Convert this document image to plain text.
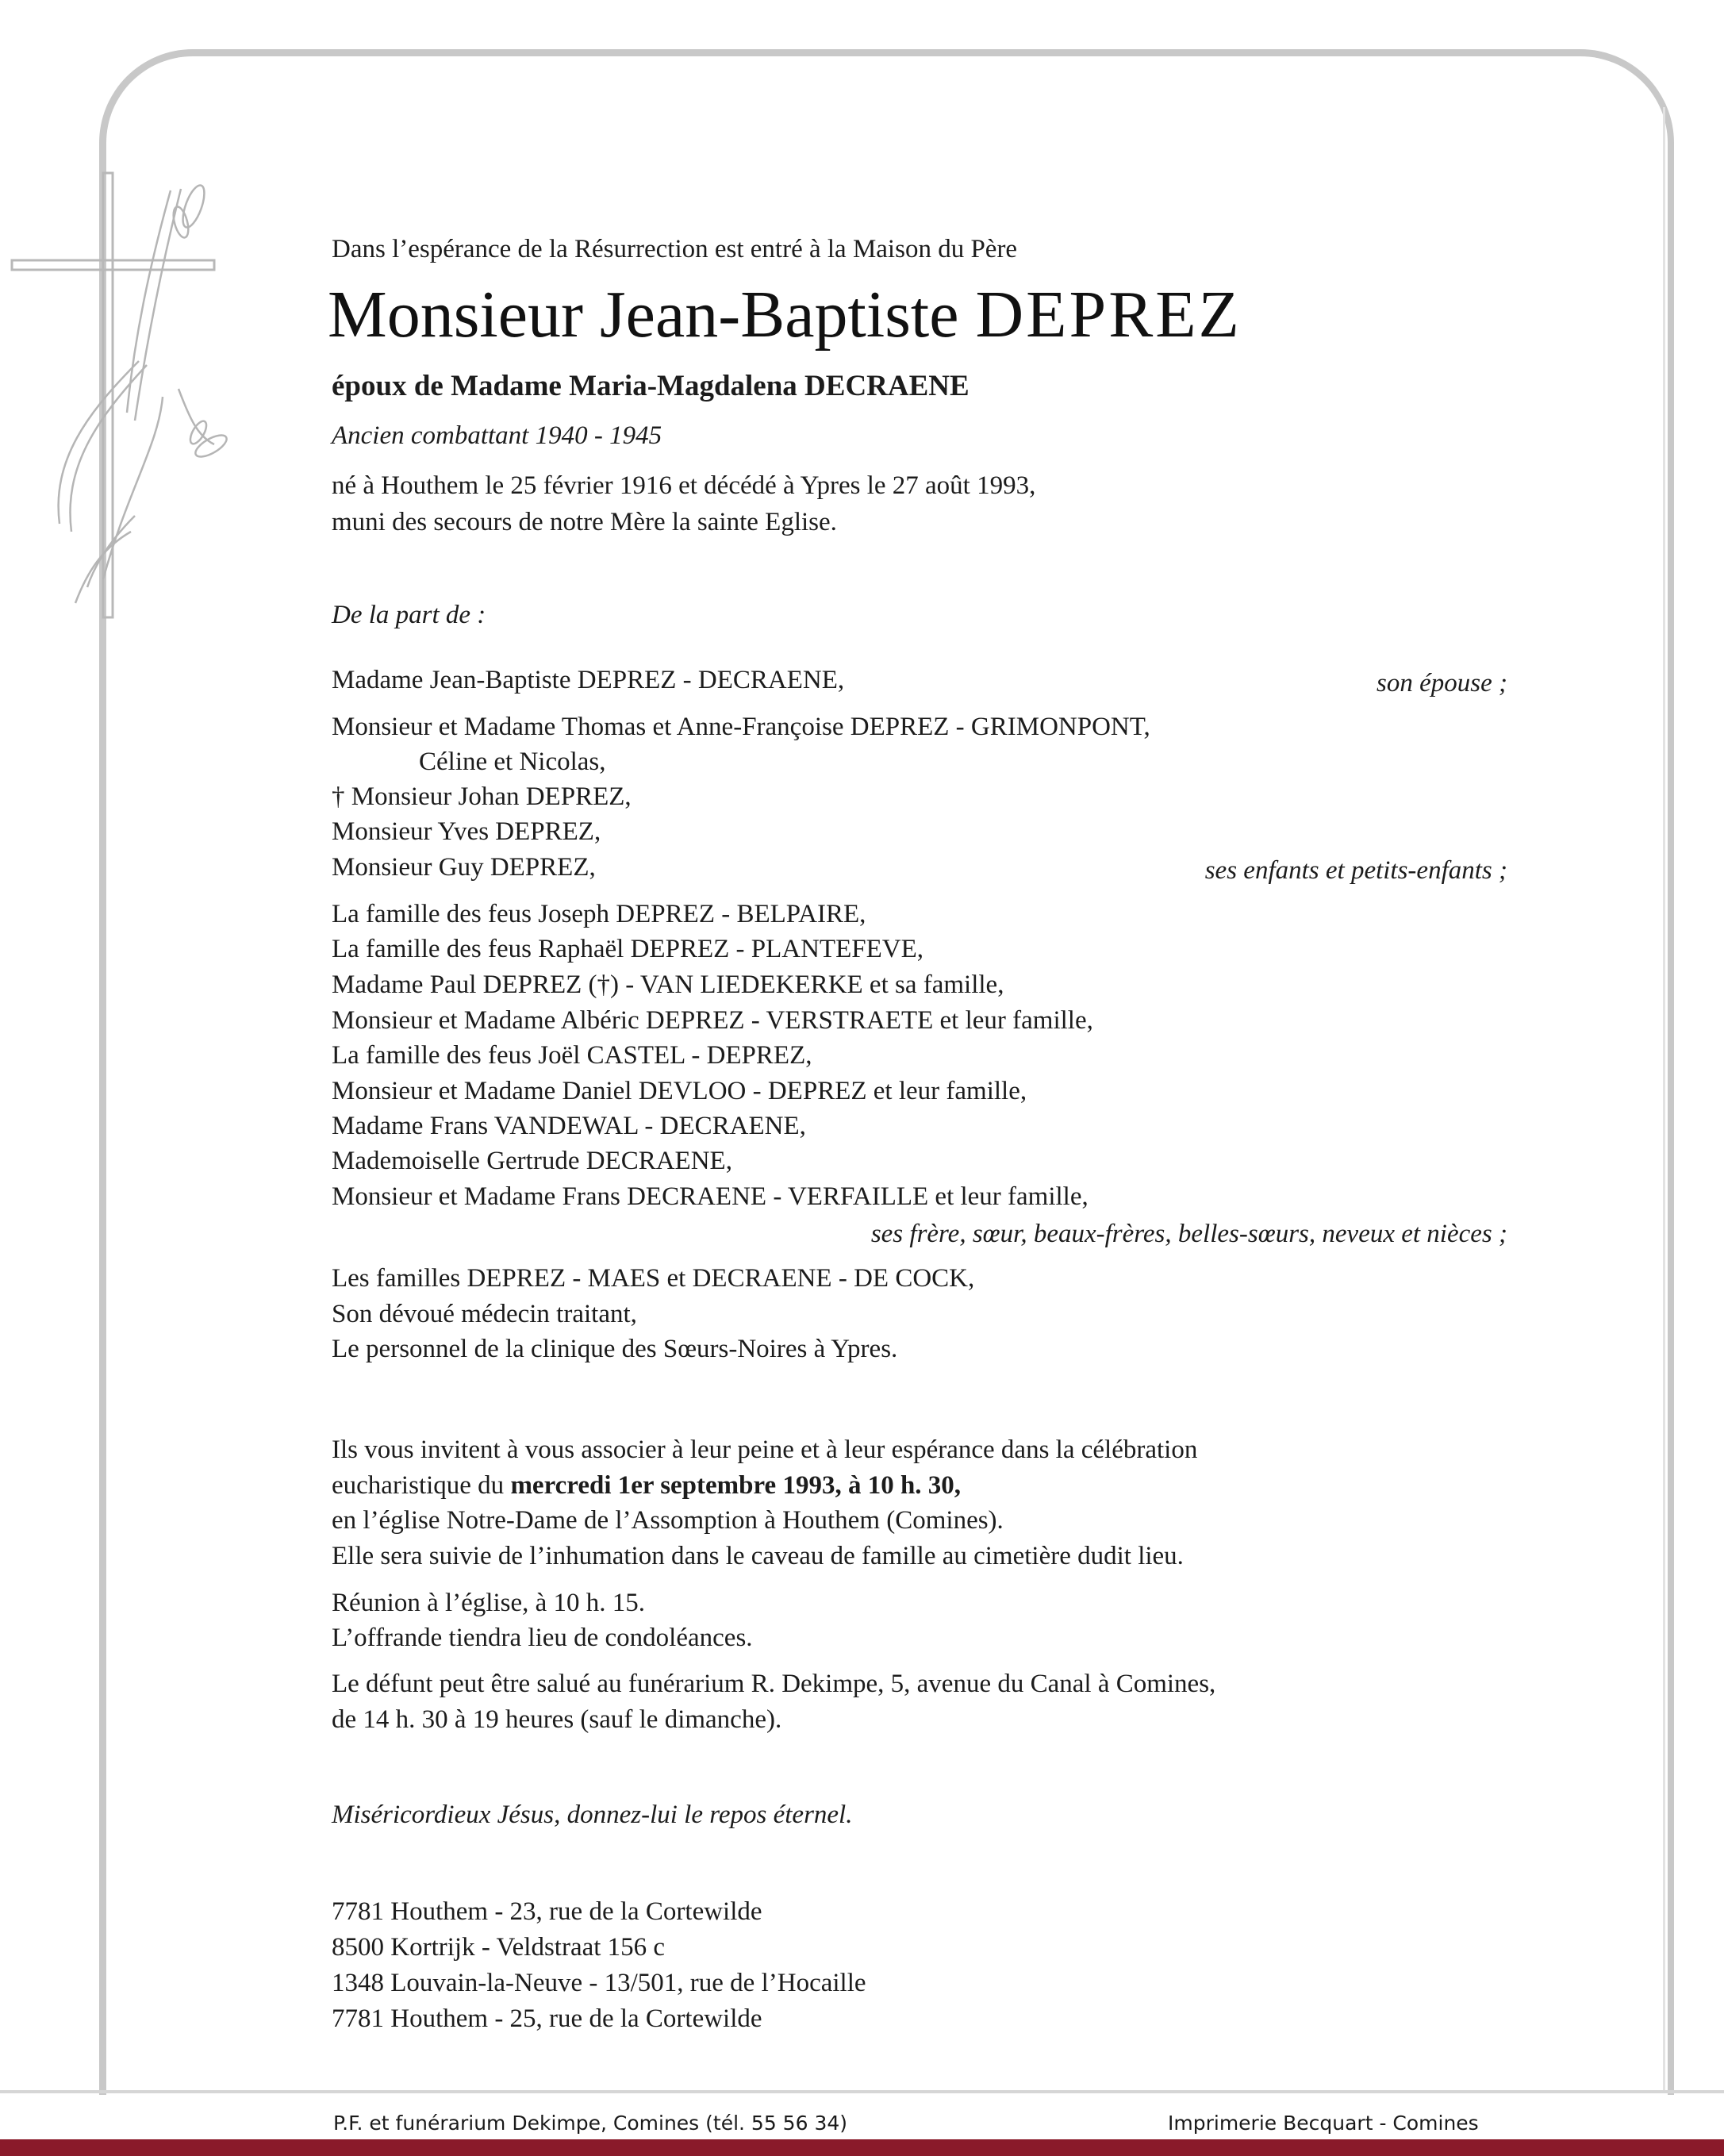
Dans l’espérance de la Résurrection est entré à la Maison du Père
Monsieur Jean-Baptiste DEPREZ
époux de Madame Maria-Magdalena DECRAENE
Ancien combattant 1940 - 1945
né à Houthem le 25 février 1916 et décédé à Ypres le 27 août 1993,
muni des secours de notre Mère la sainte Eglise.
De la part de :
Madame Jean-Baptiste DEPREZ - DECRAENE,	son épouse ;
Monsieur et Madame Thomas et Anne-Françoise DEPREZ - GRIMONPONT,
Céline et Nicolas,
† Monsieur Johan DEPREZ,
Monsieur Yves DEPREZ,
Monsieur Guy DEPREZ,	ses enfants et petits-enfants ;
La famille des feus Joseph DEPREZ - BELPAIRE,
La famille des feus Raphaël DEPREZ - PLANTEFEVE,
Madame Paul DEPREZ (†) - VAN LIEDEKERKE et sa famille,
Monsieur et Madame Albéric DEPREZ - VERSTRAETE et leur famille,
La famille des feus Joël CASTEL - DEPREZ,
Monsieur et Madame Daniel DEVLOO - DEPREZ et leur famille,
Madame Frans VANDEWAL - DECRAENE,
Mademoiselle Gertrude DECRAENE,
Monsieur et Madame Frans DECRAENE - VERFAILLE et leur famille,
ses frère, sœur, beaux-frères, belles-sœurs, neveux et nièces ;
Les familles DEPREZ - MAES et DECRAENE - DE COCK,
Son dévoué médecin traitant,
Le personnel de la clinique des Sœurs-Noires à Ypres.
Ils vous invitent à vous associer à leur peine et à leur espérance dans la célébration
eucharistique du mercredi 1er septembre 1993, à 10 h. 30,
en l’église Notre-Dame de l’Assomption à Houthem (Comines).
Elle sera suivie de l’inhumation dans le caveau de famille au cimetière dudit lieu.
Réunion à l’église, à 10 h. 15.
L’offrande tiendra lieu de condoléances.
Le défunt peut être salué au funérarium R. Dekimpe, 5, avenue du Canal à Comines,
de 14 h. 30 à 19 heures (sauf le dimanche).
Miséricordieux Jésus, donnez-lui le repos éternel.
7781 Houthem - 23, rue de la Cortewilde
8500 Kortrijk - Veldstraat 156 c
1348 Louvain-la-Neuve - 13/501, rue de l’Hocaille
7781 Houthem - 25, rue de la Cortewilde
P.F. et funérarium Dekimpe, Comines (tél. 55 56 34)	Imprimerie Becquart - Comines
